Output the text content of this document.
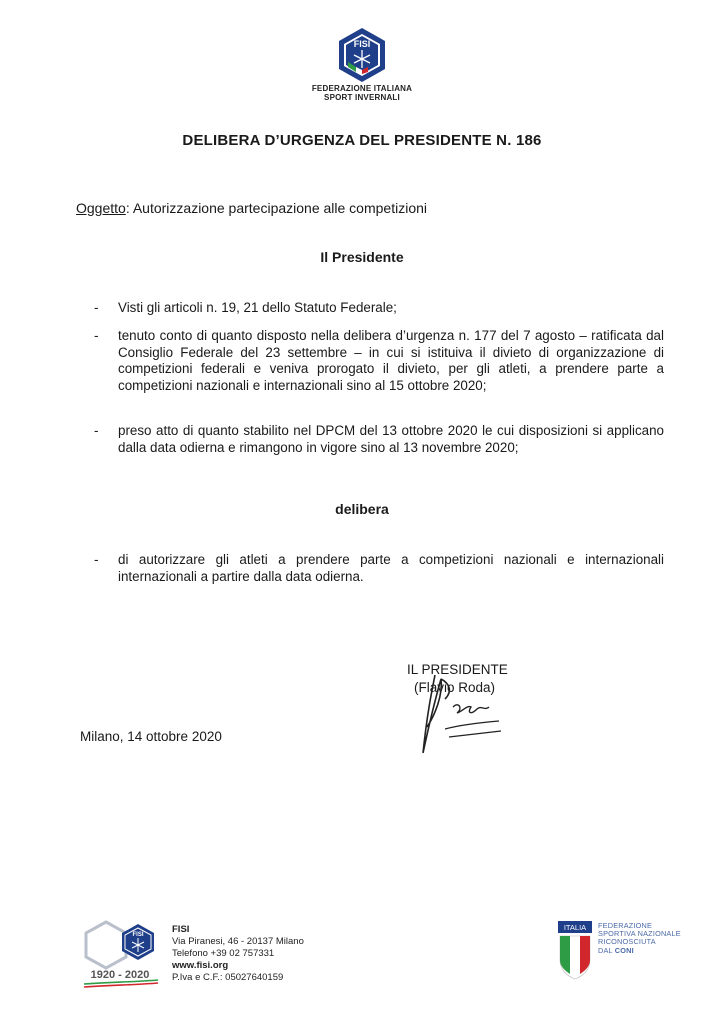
FISI
FEDERAZIONE ITALIANA
SPORT INVERNALI
DELIBERA D’URGENZA DEL PRESIDENTE N. 186
Oggetto: Autorizzazione partecipazione alle competizioni
Il Presidente
- Visti gli articoli n. 19, 21 dello Statuto Federale;
- tenuto conto di quanto disposto nella delibera d’urgenza n. 177 del 7 agosto – ratificata dal Consiglio Federale del 23 settembre – in cui si istituiva il divieto di organizzazione di competizioni federali e veniva prorogato il divieto, per gli atleti, a prendere parte a competizioni nazionali e internazionali sino al 15 ottobre 2020;
- preso atto di quanto stabilito nel DPCM del 13 ottobre 2020 le cui disposizioni si applicano dalla data odierna e rimangono in vigore sino al 13 novembre 2020;
delibera
- di autorizzare gli atleti a prendere parte a competizioni nazionali e internazionali internazionali a partire dalla data odierna.
IL PRESIDENTE
(Flavio Roda)
Milano, 14 ottobre 2020
FISI
1920 - 2020
FISI
Via Piranesi, 46 - 20137 Milano
Telefono +39 02 757331
www.fisi.org
P.Iva e C.F.: 05027640159
ITALIA FEDERAZIONE
SPORTIVA NAZIONALE
RICONOSCIUTA
DAL CONI
